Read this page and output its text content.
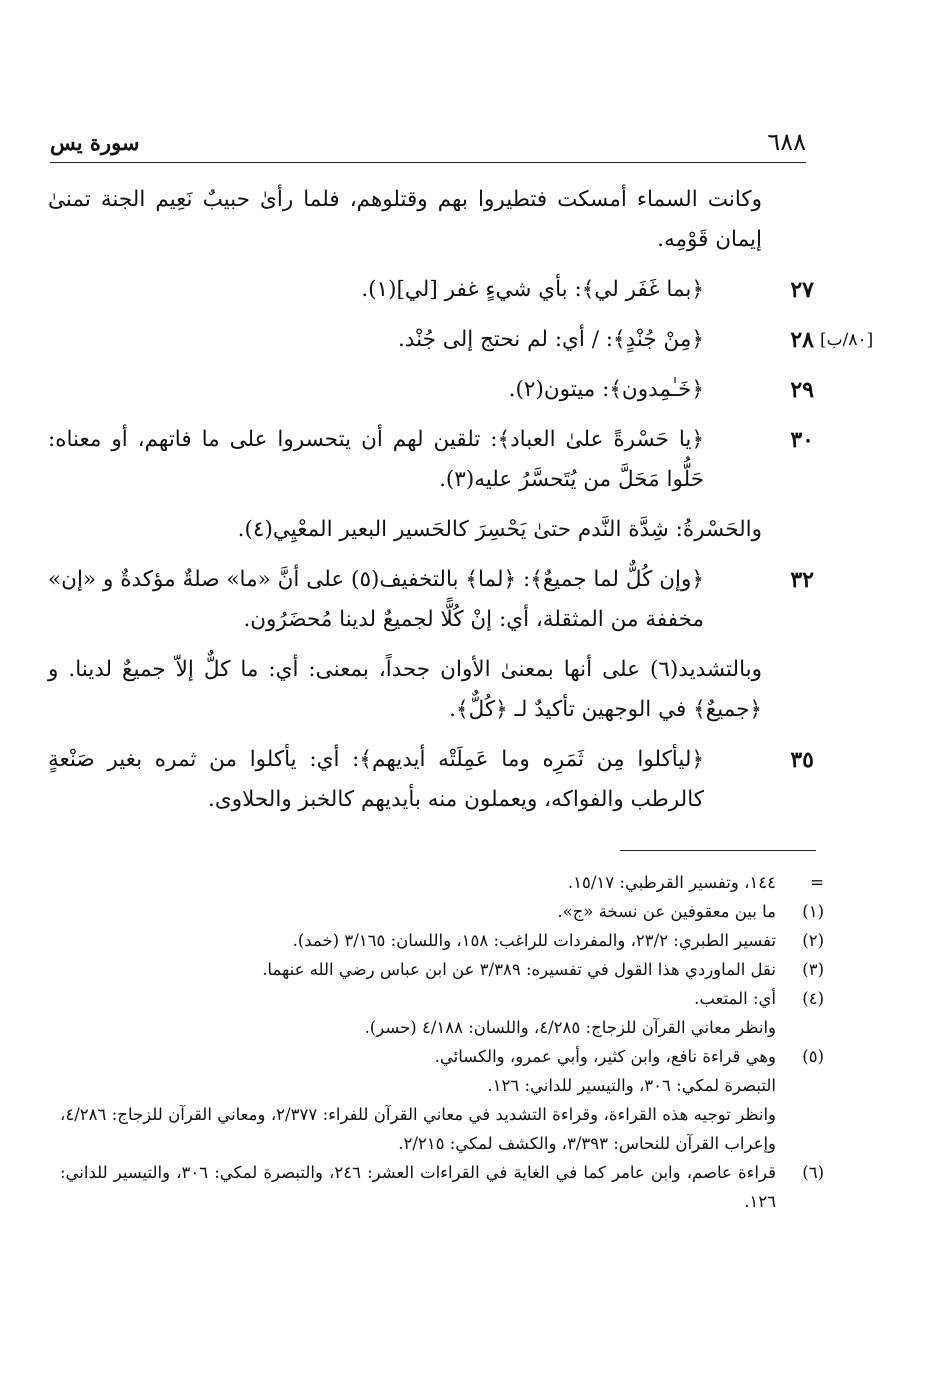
٦٨٨
سورة يس
[٨٠/ب]
وكانت السماء أمسكت فتطيروا بهم وقتلوهم، فلما رأىٰ حبيبٌ نَعِيم الجنة تمنىٰ إيمان قَوْمِه.
٢٧
﴿بما غَفَر لي﴾: بأي شيءٍ غفر [لي](١).
٢٨
﴿مِنْ جُنْدٍ﴾: / أي: لم نحتج إلى جُنْد.
٢٩
﴿خَـٰمِدون﴾: ميتون(٢).
٣٠
﴿يا حَسْرةً علىٰ العباد﴾: تلقين لهم أن يتحسروا على ما فاتهم، أو معناه: حَلُّوا مَحَلَّ من يُتَحسَّرُ عليه(٣).
والحَسْرةُ: شِدَّة النَّدم حتىٰ يَحْسِرَ كالحَسير البعير المعْيِي(٤).
٣٢
﴿وإن كُلٌّ لما جميعٌ﴾: ﴿لما﴾ بالتخفيف(٥) على أنَّ «ما» صلةٌ مؤكدةٌ و «إن» مخففة من المثقلة، أي: إنْ كُلًّا لجميعٌ لدينا مُحضَرُون.
وبالتشديد(٦) على أنها بمعنىٰ الأوان جحداً، بمعنى: أي: ما كلٌّ إلاّ جميعٌ لدينا. و ﴿جميعٌ﴾ في الوجهين تأكيدٌ لـ ﴿كُلٌّ﴾.
٣٥
﴿ليأكلوا مِن ثَمَرِه وما عَمِلَتْه أيديهم﴾: أي: يأكلوا من ثمره بغير صَنْعةٍ كالرطب والفواكه، ويعملون منه بأيديهم كالخبز والحلاوى.
=
١٤٤، وتفسير القرطبي: ١٥/١٧.
(١)
ما بين معقوفين عن نسخة «ج».
(٢)
تفسير الطبري: ٢٣/٢، والمفردات للراغب: ١٥٨، واللسان: ٣/١٦٥ (خمد).
(٣)
نقل الماوردي هذا القول في تفسيره: ٣/٣٨٩ عن ابن عباس رضي الله عنهما.
(٤)
أي: المتعب.
وانظر معاني القرآن للزجاج: ٤/٢٨٥، واللسان: ٤/١٨٨ (حسر).
(٥)
وهي قراءة نافع، وابن كثير، وأبي عمرو، والكسائي.
التبصرة لمكي: ٣٠٦، والتيسير للداني: ١٢٦.
وانظر توجيه هذه القراءة، وقراءة التشديد في معاني القرآن للفراء: ٢/٣٧٧، ومعاني القرآن للزجاج: ٤/٢٨٦، وإعراب القرآن للنحاس: ٣/٣٩٣، والكشف لمكي: ٢/٢١٥.
(٦)
قراءة عاصم، وابن عامر كما في الغاية في القراءات العشر: ٢٤٦، والتبصرة لمكي: ٣٠٦، والتيسير للداني: ١٢٦.
